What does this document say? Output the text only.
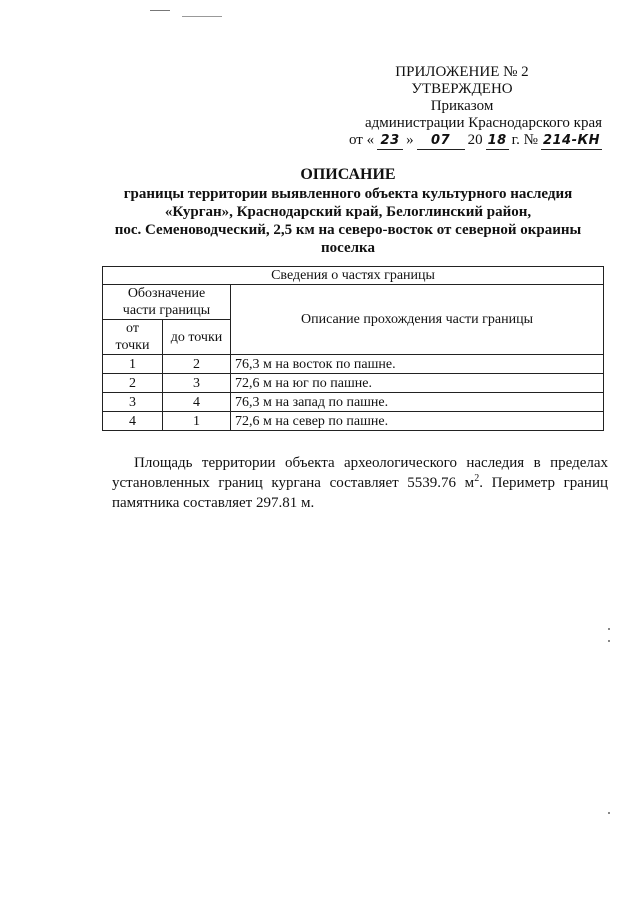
ПРИЛОЖЕНИЕ № 2
УТВЕРЖДЕНО
Приказом
администрации Краснодарского края
от « 23 »	07	20 18 г. № 214-КН
ОПИСАНИЕ
границы территории выявленного объекта культурного наследия
«Курган», Краснодарский край, Белоглинский район,
пос. Семеноводческий, 2,5 км на северо-восток от северной окраины
поселка
Сведения о частях границы		

Обозначение
части границы		Описание прохождения части границы

от
точки	до точки	
1	2	76,3 м на восток по пашне.
2	3	72,6 м на юг по пашне.
3	4	76,3 м на запад по пашне.
4	1	72,6 м на север по пашне.

Площадь территории объекта археологического наследия в пределах установленных границ кургана составляет 5539.76 $м^2$. Периметр границ памятника составляет 297.81 м.
